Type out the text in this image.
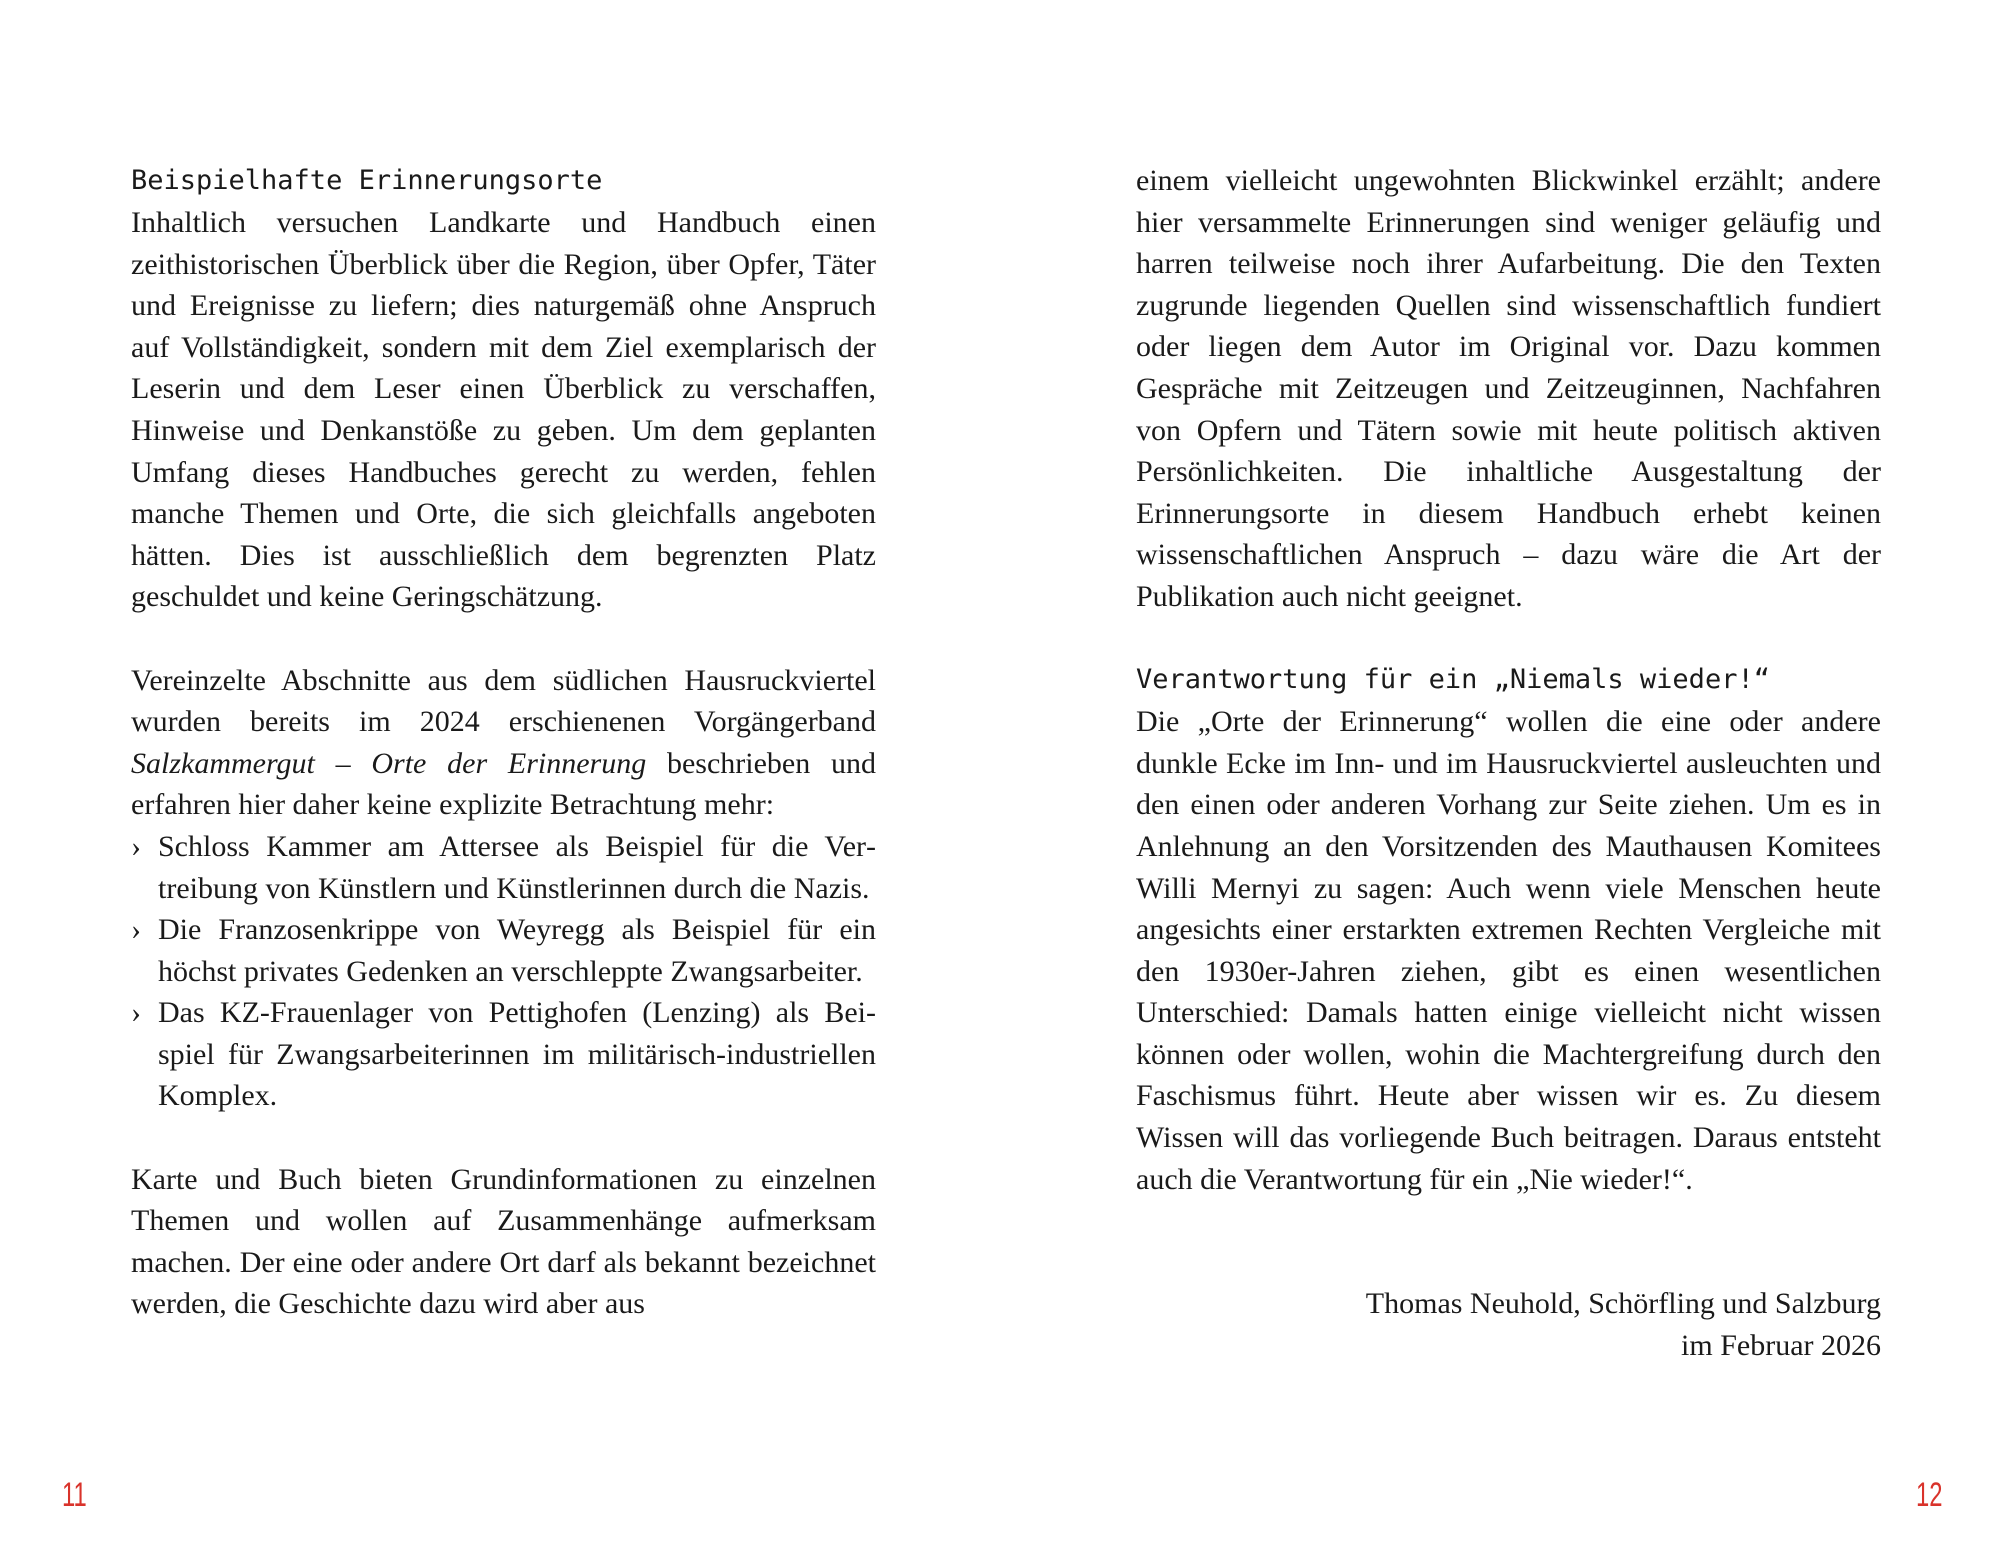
Beispielhafte Erinnerungsorte

Inhaltlich versuchen Landkarte und Handbuch einen zeithistorischen Überblick über die Region, über Opfer, Täter und Ereignisse zu liefern; dies naturgemäß ohne Anspruch auf Vollständigkeit, sondern mit dem Ziel exemplarisch der Leserin und dem Leser einen Überblick zu verschaffen, Hinweise und Denkanstöße zu geben. Um dem geplanten Umfang dieses Handbuches gerecht zu werden, fehlen manche Themen und Orte, die sich gleichfalls angeboten hätten. Dies ist ausschließlich dem begrenzten Platz geschuldet und keine Geringschätzung.

Vereinzelte Abschnitte aus dem südlichen Hausruckviertel wurden bereits im 2024 erschienenen Vorgängerband Salzkammergut – Orte der Erinnerung beschrieben und erfahren hier daher keine explizite Betrachtung mehr:

› Schloss Kammer am Attersee als Beispiel für die Vertreibung von Künstlern und Künstlerinnen durch die Nazis.
› Die Franzosenkrippe von Weyregg als Beispiel für ein höchst privates Gedenken an verschleppte Zwangsarbeiter.
› Das KZ-Frauenlager von Pettighofen (Lenzing) als Beispiel für Zwangsarbeiterinnen im militärisch-industriellen Komplex.

Karte und Buch bieten Grundinformationen zu einzelnen Themen und wollen auf Zusammenhänge aufmerksam machen. Der eine oder andere Ort darf als bekannt bezeichnet werden, die Geschichte dazu wird aber aus

einem vielleicht ungewohnten Blickwinkel erzählt; andere hier versammelte Erinnerungen sind weniger geläufig und harren teilweise noch ihrer Aufarbeitung. Die den Texten zugrunde liegenden Quellen sind wissenschaftlich fundiert oder liegen dem Autor im Original vor. Dazu kommen Gespräche mit Zeitzeugen und Zeitzeuginnen, Nachfahren von Opfern und Tätern sowie mit heute politisch aktiven Persönlichkeiten. Die inhaltliche Ausgestaltung der Erinnerungsorte in diesem Handbuch erhebt keinen wissenschaftlichen Anspruch – dazu wäre die Art der Publikation auch nicht geeignet.

Verantwortung für ein „Niemals wieder!“

Die „Orte der Erinnerung“ wollen die eine oder andere dunkle Ecke im Inn- und im Hausruckviertel ausleuchten und den einen oder anderen Vorhang zur Seite ziehen. Um es in Anlehnung an den Vorsitzenden des Mauthausen Komitees Willi Mernyi zu sagen: Auch wenn viele Menschen heute angesichts einer erstarkten extremen Rechten Vergleiche mit den 1930er-Jahren ziehen, gibt es einen wesentlichen Unterschied: Damals hatten einige vielleicht nicht wissen können oder wollen, wohin die Machtergreifung durch den Faschismus führt. Heute aber wissen wir es. Zu diesem Wissen will das vorliegende Buch beitragen. Daraus entsteht auch die Verantwortung für ein „Nie wieder!“.

Thomas Neuhold, Schörfling und Salzburg
im Februar 2026

11	12
